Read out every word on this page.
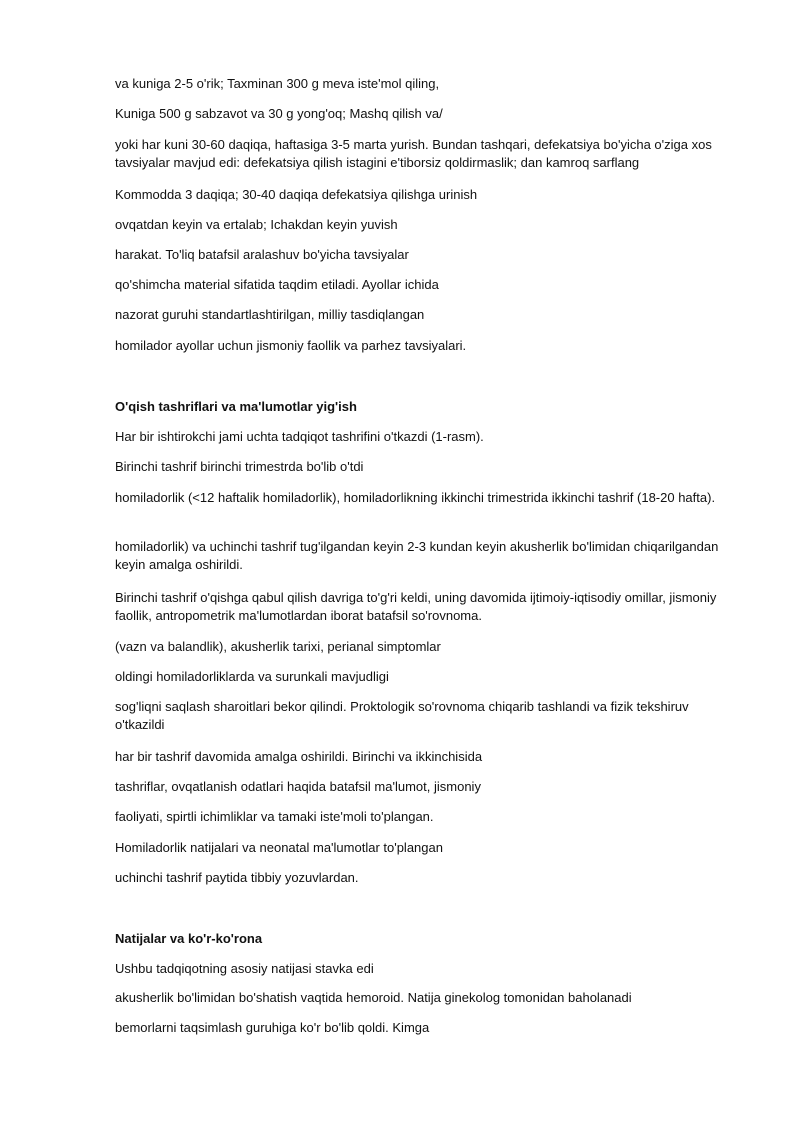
va kuniga 2-5 o'rik; Taxminan 300 g meva iste'mol qiling,

Kuniga 500 g sabzavot va 30 g yong'oq; Mashq qilish va/

yoki har kuni 30-60 daqiqa, haftasiga 3-5 marta yurish. Bundan tashqari, defekatsiya bo'yicha o'ziga xos tavsiyalar mavjud edi: defekatsiya qilish istagini e'tiborsiz qoldirmaslik; dan kamroq sarflang

Kommodda 3 daqiqa; 30-40 daqiqa defekatsiya qilishga urinish

ovqatdan keyin va ertalab; Ichakdan keyin yuvish

harakat. To'liq batafsil aralashuv bo'yicha tavsiyalar

qo'shimcha material sifatida taqdim etiladi. Ayollar ichida

nazorat guruhi standartlashtirilgan, milliy tasdiqlangan

homilador ayollar uchun jismoniy faollik va parhez tavsiyalari.

O'qish tashriflari va ma'lumotlar yig'ish

Har bir ishtirokchi jami uchta tadqiqot tashrifini o'tkazdi (1-rasm).

Birinchi tashrif birinchi trimestrda bo'lib o'tdi

homiladorlik (<12 haftalik homiladorlik), homiladorlikning ikkinchi trimestrida ikkinchi tashrif (18-20 hafta).

homiladorlik) va uchinchi tashrif tug'ilgandan keyin 2-3 kundan keyin akusherlik bo'limidan chiqarilgandan keyin amalga oshirildi.

Birinchi tashrif o'qishga qabul qilish davriga to'g'ri keldi, uning davomida ijtimoiy-iqtisodiy omillar, jismoniy faollik, antropometrik ma'lumotlardan iborat batafsil so'rovnoma.

(vazn va balandlik), akusherlik tarixi, perianal simptomlar

oldingi homiladorliklarda va surunkali mavjudligi

sog'liqni saqlash sharoitlari bekor qilindi. Proktologik so'rovnoma chiqarib tashlandi va fizik tekshiruv o'tkazildi

har bir tashrif davomida amalga oshirildi. Birinchi va ikkinchisida

tashriflar, ovqatlanish odatlari haqida batafsil ma'lumot, jismoniy

faoliyati, spirtli ichimliklar va tamaki iste'moli to'plangan.

Homiladorlik natijalari va neonatal ma'lumotlar to'plangan

uchinchi tashrif paytida tibbiy yozuvlardan.

Natijalar va ko'r-ko'rona

Ushbu tadqiqotning asosiy natijasi stavka edi

akusherlik bo'limidan bo'shatish vaqtida hemoroid. Natija ginekolog tomonidan baholanadi

bemorlarni taqsimlash guruhiga ko'r bo'lib qoldi. Kimga
